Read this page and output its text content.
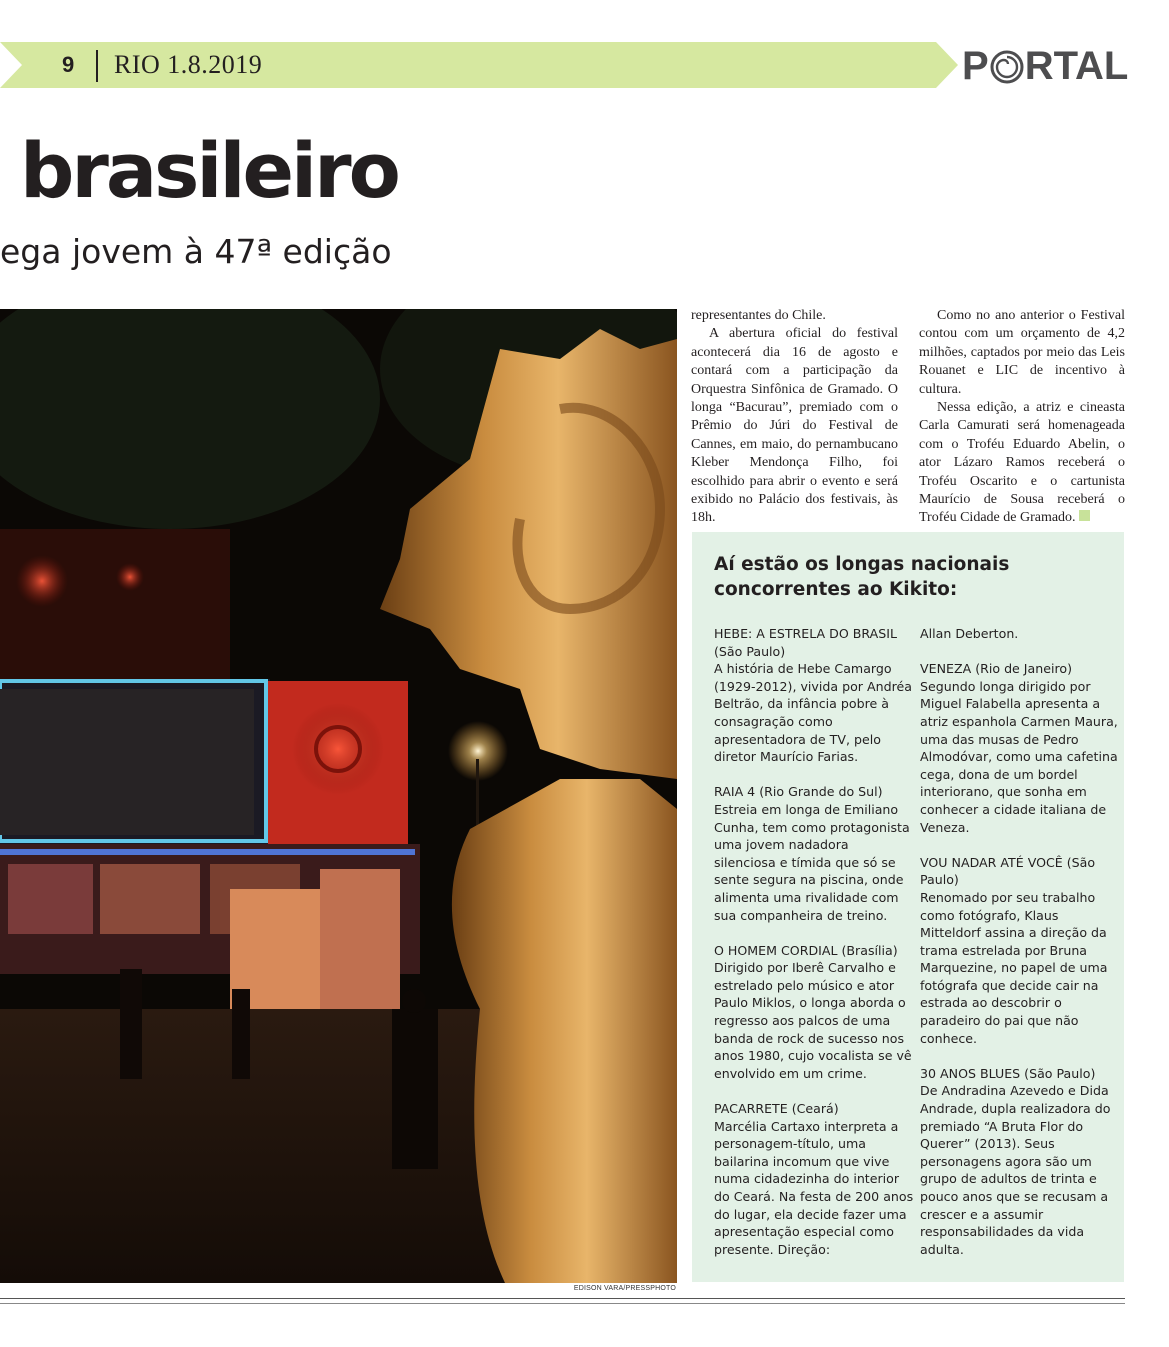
9 RIO 1.8.2019	P RTAL
brasileiro
ega jovem à 47ª edição
EDISON VARA/PRESSPHOTO

representantes do Chile.

A abertura oficial do festival acontecerá dia 16 de agosto e contará com a participação da Orquestra Sinfônica de Gramado. O longa “Bacurau”, premiado com o Prêmio do Júri do Festival de Cannes, em maio, do pernambucano Kleber Mendonça Filho, foi escolhido para abrir o evento e será exibido no Palácio dos festivais, às 18h.

Como no ano anterior o Festival contou com um orçamento de 4,2 milhões, captados por meio das Leis Rouanet e LIC de incentivo à cultura.

Nessa edição, a atriz e cineasta Carla Camurati será homenageada com o Troféu Eduardo Abelin, o ator Lázaro Ramos receberá o Troféu Oscarito e o cartunista Maurício de Sousa receberá o Troféu Cidade de Gramado.

Aí estão os longas nacionais concorrentes ao Kikito:
HEBE: A ESTRELA DO BRASIL (São Paulo)
A história de Hebe Camargo (1929-2012), vivida por Andréa Beltrão, da infância pobre à consagração como apresentadora de TV, pelo diretor Maurício Farias.
RAIA 4 (Rio Grande do Sul)
Estreia em longa de Emiliano Cunha, tem como protagonista uma jovem nadadora silenciosa e tímida que só se sente segura na piscina, onde alimenta uma rivalidade com sua companheira de treino.
O HOMEM CORDIAL (Brasília)
Dirigido por Iberê Carvalho e estrelado pelo músico e ator Paulo Miklos, o longa aborda o regresso aos palcos de uma banda de rock de sucesso nos anos 1980, cujo vocalista se vê envolvido em um crime.
PACARRETE (Ceará)
Marcélia Cartaxo interpreta a personagem-título, uma bailarina incomum que vive numa cidadezinha do interior do Ceará. Na festa de 200 anos do lugar, ela decide fazer uma apresentação especial como presente. Direção:
Allan Deberton.
VENEZA (Rio de Janeiro)
Segundo longa dirigido por Miguel Falabella apresenta a atriz espanhola Carmen Maura, uma das musas de Pedro Almodóvar, como uma cafetina cega, dona de um bordel interiorano, que sonha em conhecer a cidade italiana de Veneza.
VOU NADAR ATÉ VOCÊ (São Paulo)
Renomado por seu trabalho como fotógrafo, Klaus Mitteldorf assina a direção da trama estrelada por Bruna Marquezine, no papel de uma fotógrafa que decide cair na estrada ao descobrir o paradeiro do pai que não conhece.
30 ANOS BLUES (São Paulo)
De Andradina Azevedo e Dida Andrade, dupla realizadora do premiado “A Bruta Flor do Querer” (2013). Seus personagens agora são um grupo de adultos de trinta e pouco anos que se recusam a crescer e a assumir responsabilidades da vida adulta.
